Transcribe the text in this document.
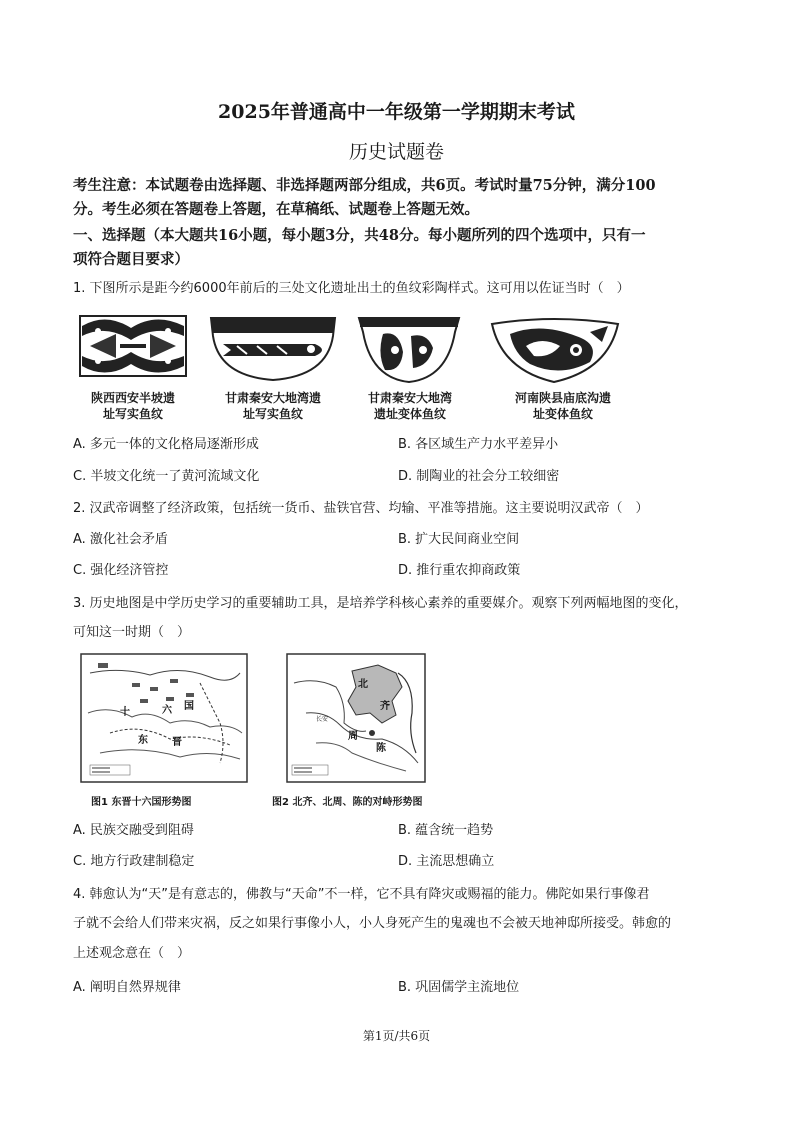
2025年普通高中一年级第一学期期末考试
历史试题卷
考生注意：本试题卷由选择题、非选择题两部分组成，共6页。考试时量75分钟，满分100
分。考生必须在答题卷上答题，在草稿纸、试题卷上答题无效。
一、选择题（本大题共16小题，每小题3分，共48分。每小题所列的四个选项中，只有一
项符合题目要求）
1. 下图所示是距今约6000年前后的三处文化遗址出土的鱼纹彩陶样式。这可用以佐证当时（　）
陕西西安半坡遗
址写实鱼纹
甘肃秦安大地湾遗
址写实鱼纹
甘肃秦安大地湾
遗址变体鱼纹
河南陕县庙底沟遗
址变体鱼纹
A. 多元一体的文化格局逐渐形成	B. 各区域生产力水平差异小
C. 半坡文化统一了黄河流域文化	D. 制陶业的社会分工较细密
2. 汉武帝调整了经济政策，包括统一货币、盐铁官营、均输、平准等措施。这主要说明汉武帝（　）
A. 激化社会矛盾	B. 扩大民间商业空间
C. 强化经济管控	D. 推行重农抑商政策
3. 历史地图是中学历史学习的重要辅助工具，是培养学科核心素养的重要媒介。观察下列两幅地图的变化，
可知这一时期（　）
十	六 国
东 晋
北
齐
周
陈
长安
图1 东晋十六国形势图	图2 北齐、北周、陈的对峙形势图
A. 民族交融受到阻碍	B. 蕴含统一趋势
C. 地方行政建制稳定	D. 主流思想确立
4. 韩愈认为“天”是有意志的，佛教与“天命”不一样，它不具有降灾或赐福的能力。佛陀如果行事像君
子就不会给人们带来灾祸，反之如果行事像小人，小人身死产生的鬼魂也不会被天地神邸所接受。韩愈的
上述观念意在（　）
A. 阐明自然界规律	B. 巩固儒学主流地位
第1页/共6页
